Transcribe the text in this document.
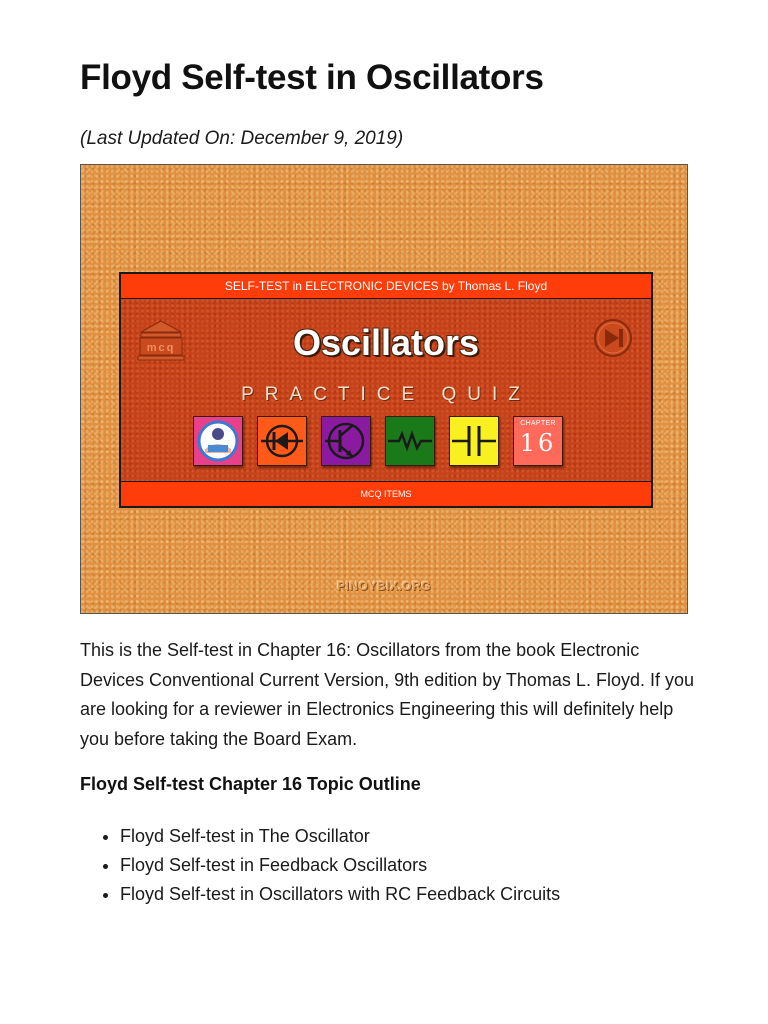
Floyd Self-test in Oscillators

(Last Updated On: December 9, 2019)

SELF-TEST in ELECTRONIC DEVICES by Thomas L. Floyd
mcq	Oscillators
PRACTICE QUIZ
CHAPTER
16
MCQ ITEMS
PINOYBIX.ORG

This is the Self-test in Chapter 16: Oscillators from the book Electronic Devices Conventional Current Version, 9th edition by Thomas L. Floyd. If you are looking for a reviewer in Electronics Engineering this will definitely help you before taking the Board Exam.

Floyd Self-test Chapter 16 Topic Outline
• Floyd Self-test in The Oscillator
• Floyd Self-test in Feedback Oscillators
• Floyd Self-test in Oscillators with RC Feedback Circuits
